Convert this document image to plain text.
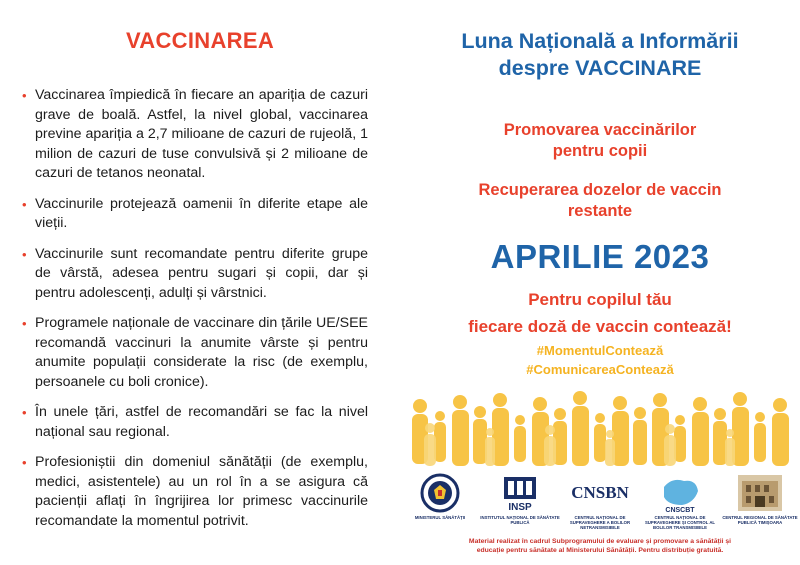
VACCINAREA
• Vaccinarea împiedică în fiecare an apariția de cazuri grave de boală. Astfel, la nivel global, vaccinarea previne apariția a 2,7 milioane de cazuri de rujeolă, 1 milion de cazuri de tuse convulsivă și 2 milioane de cazuri de tetanos neonatal.
• Vaccinurile protejează oamenii în diferite etape ale vieții.
• Vaccinurile sunt recomandate pentru diferite grupe de vârstă, adesea pentru sugari și copii, dar și pentru adolescenți, adulți și vârstnici.
• Programele naționale de vaccinare din țările UE/SEE recomandă vaccinuri la anumite vârste și pentru anumite populații considerate la risc (de exemplu, persoanele cu boli cronice).
• În unele țări, astfel de recomandări se fac la nivel național sau regional.
• Profesioniștii din domeniul sănătății (de exemplu, medici, asistentele) au un rol în a se asigura că pacienții aflați în îngrijirea lor primesc vaccinurile recomandate la momentul potrivit.
Luna Națională a Informării
despre VACCINARE
Promovarea vaccinărilor
pentru copii
Recuperarea dozelor de vaccin
restante
APRILIE 2023
Pentru copilul tău
fiecare doză de vaccin contează!
#MomentulContează
#ComunicareaContează
MINISTERUL SĂNĂTĂȚII
INSP
INSTITUTUL NAȚIONAL DE SĂNĂTATE PUBLICĂ
CNSBN
CENTRUL NAȚIONAL DE SUPRAVEGHERE A BOLILOR NETRANSMISIBILE
CNSCBT
CENTRUL NAȚIONAL DE SUPRAVEGHERE ȘI CONTROL AL BOLILOR TRANSMISIBILE
CENTRUL REGIONAL DE SĂNĂTATE PUBLICĂ TIMIȘOARA
Material realizat în cadrul Subprogramului de evaluare și promovare a sănătății și
educație pentru sănătate al Ministerului Sănătății. Pentru distribuție gratuită.
